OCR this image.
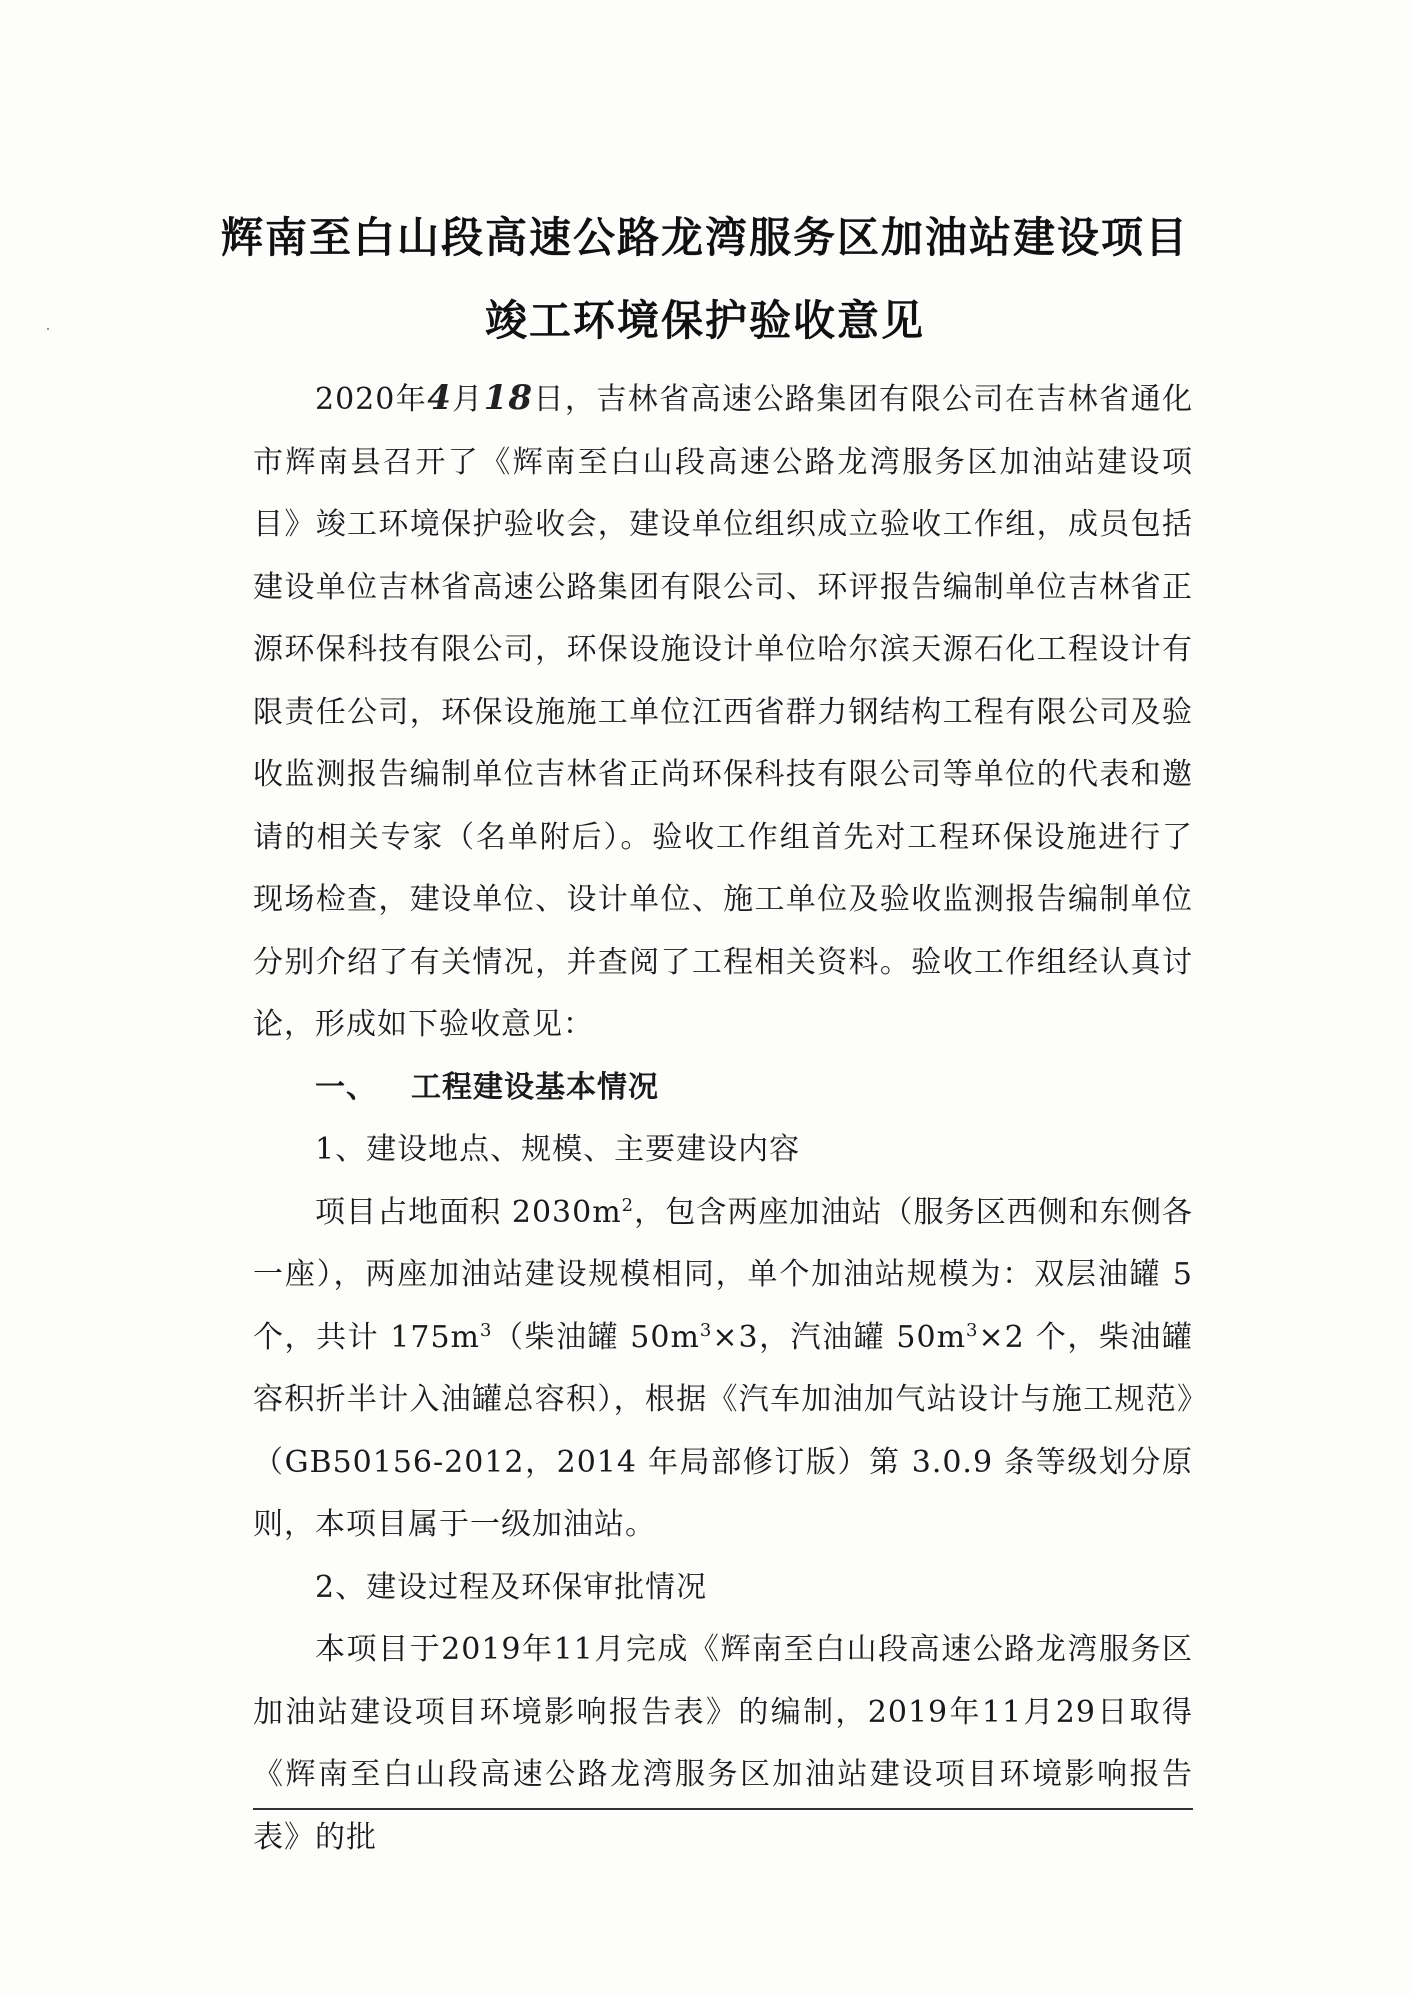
辉南至白山段高速公路龙湾服务区加油站建设项目
竣工环境保护验收意见

2020年4月18日，吉林省高速公路集团有限公司在吉林省通化市辉南县召开了《辉南至白山段高速公路龙湾服务区加油站建设项目》竣工环境保护验收会，建设单位组织成立验收工作组，成员包括建设单位吉林省高速公路集团有限公司、环评报告编制单位吉林省正源环保科技有限公司，环保设施设计单位哈尔滨天源石化工程设计有限责任公司，环保设施施工单位江西省群力钢结构工程有限公司及验收监测报告编制单位吉林省正尚环保科技有限公司等单位的代表和邀请的相关专家（名单附后）。验收工作组首先对工程环保设施进行了现场检查，建设单位、设计单位、施工单位及验收监测报告编制单位分别介绍了有关情况，并查阅了工程相关资料。验收工作组经认真讨论，形成如下验收意见：

一、 工程建设基本情况

1、建设地点、规模、主要建设内容

项目占地面积 $2030m^2$，包含两座加油站（服务区西侧和东侧各一座），两座加油站建设规模相同，单个加油站规模为：双层油罐 5个，共计 $175m^3$（柴油罐 $50m^3\times 3$，汽油罐 $50m^3\times 2$ 个，柴油罐容积折半计入油罐总容积），根据《汽车加油加气站设计与施工规范》（GB50156-2012，2014 年局部修订版）第 3.0.9 条等级划分原则，本项目属于一级加油站。

2、建设过程及环保审批情况

本项目于2019年11月完成《辉南至白山段高速公路龙湾服务区加油站建设项目环境影响报告表》的编制，2019年11月29日取得《辉南至白山段高速公路龙湾服务区加油站建设项目环境影响报告表》的批
